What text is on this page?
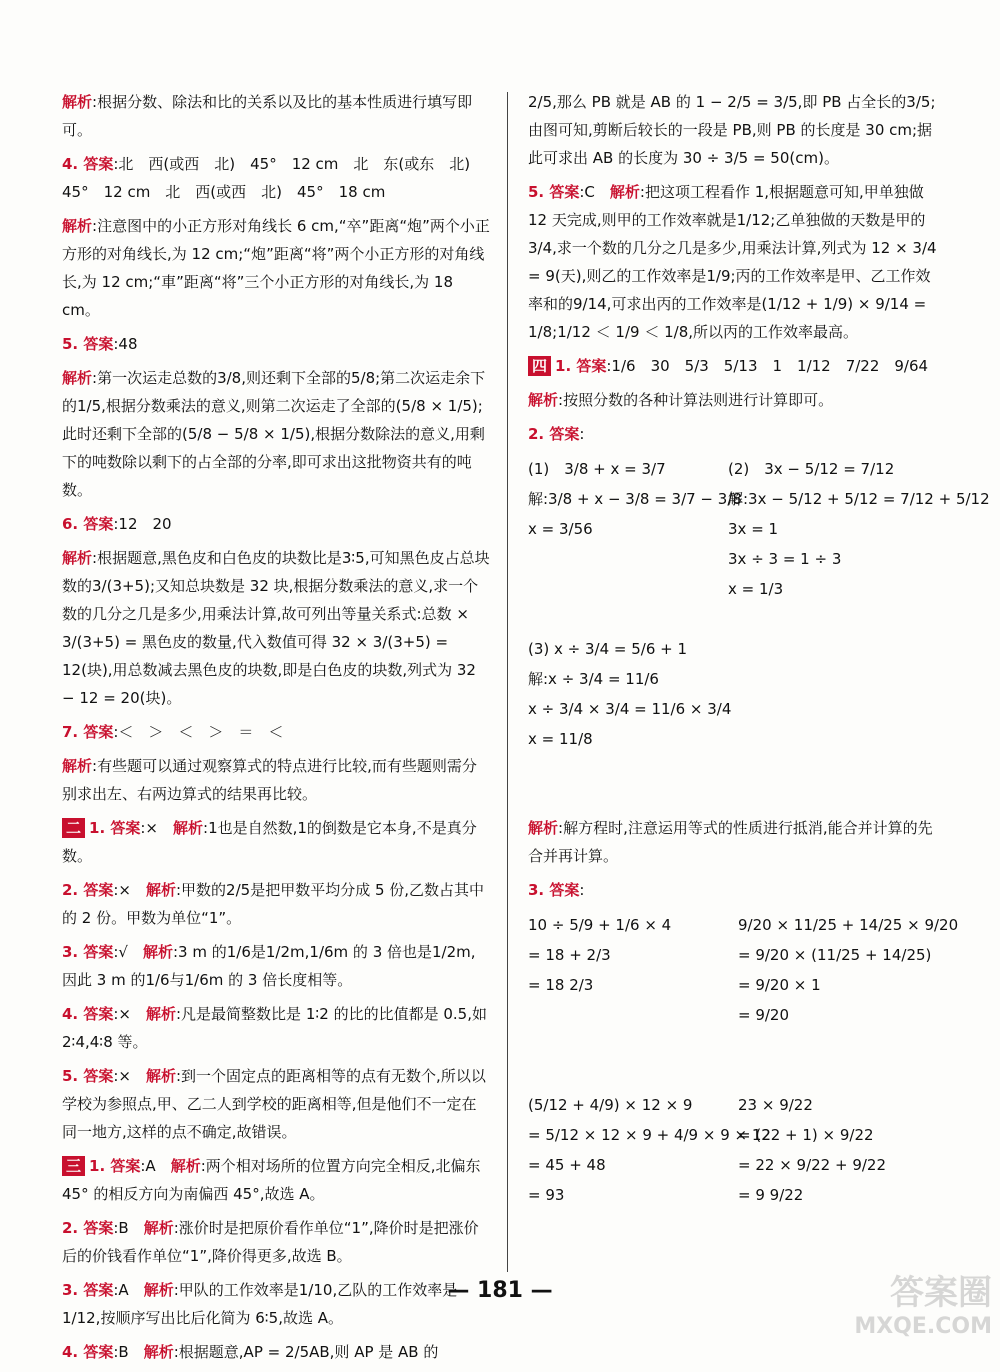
解析:根据分数、除法和比的关系以及比的基本性质进行填写即可。
4. 答案:北　西(或西　北)　45°　12 cm　北　东(或东　北)　45°　12 cm　北　西(或西　北)　45°　18 cm
解析:注意图中的小正方形对角线长 6 cm,“卒”距离“炮”两个小正方形的对角线长,为 12 cm;“炮”距离“将”两个小正方形的对角线长,为 12 cm;“車”距离“将”三个小正方形的对角线长,为 18 cm。
5. 答案:48
解析:第一次运走总数的3/8,则还剩下全部的5/8;第二次运走余下的1/5,根据分数乘法的意义,则第二次运走了全部的(5/8 × 1/5);此时还剩下全部的(5/8 − 5/8 × 1/5),根据分数除法的意义,用剩下的吨数除以剩下的占全部的分率,即可求出这批物资共有的吨数。
6. 答案:12　20
解析:根据题意,黑色皮和白色皮的块数比是3∶5,可知黑色皮占总块数的3/(3+5);又知总块数是 32 块,根据分数乘法的意义,求一个数的几分之几是多少,用乘法计算,故可列出等量关系式:总数 × 3/(3+5) = 黑色皮的数量,代入数值可得 32 × 3/(3+5) = 12(块),用总数减去黑色皮的块数,即是白色皮的块数,列式为 32 − 12 = 20(块)。
7. 答案:＜　＞　＜　＞　＝　＜
解析:有些题可以通过观察算式的特点进行比较,而有些题则需分别求出左、右两边算式的结果再比较。
二 1. 答案:×　解析:1也是自然数,1的倒数是它本身,不是真分数。
2. 答案:×　解析:甲数的2/5是把甲数平均分成 5 份,乙数占其中的 2 份。甲数为单位“1”。
3. 答案:√　解析:3 m 的1/6是1/2m,1/6m 的 3 倍也是1/2m,因此 3 m 的1/6与1/6m 的 3 倍长度相等。
4. 答案:×　解析:凡是最简整数比是 1∶2 的比的比值都是 0.5,如 2∶4,4∶8 等。
5. 答案:×　解析:到一个固定点的距离相等的点有无数个,所以以学校为参照点,甲、乙二人到学校的距离相等,但是他们不一定在同一地方,这样的点不确定,故错误。
三 1. 答案:A　解析:两个相对场所的位置方向完全相反,北偏东 45° 的相反方向为南偏西 45°,故选 A。
2. 答案:B　解析:涨价时是把原价看作单位“1”,降价时是把涨价后的价钱看作单位“1”,降价得更多,故选 B。
3. 答案:A　解析:甲队的工作效率是1/10,乙队的工作效率是1/12,按顺序写出比后化简为 6∶5,故选 A。
4. 答案:B　解析:根据题意,AP = 2/5AB,则 AP 是 AB 的
2/5,那么 PB 就是 AB 的 1 − 2/5 = 3/5,即 PB 占全长的3/5;由图可知,剪断后较长的一段是 PB,则 PB 的长度是 30 cm;据此可求出 AB 的长度为 30 ÷ 3/5 = 50(cm)。
5. 答案:C　解析:把这项工程看作 1,根据题意可知,甲单独做 12 天完成,则甲的工作效率就是1/12;乙单独做的天数是甲的3/4,求一个数的几分之几是多少,用乘法计算,列式为 12 × 3/4 = 9(天),则乙的工作效率是1/9;丙的工作效率是甲、乙工作效率和的9/14,可求出丙的工作效率是(1/12 + 1/9) × 9/14 = 1/8;1/12 ＜ 1/9 ＜ 1/8,所以丙的工作效率最高。
四 1. 答案:1/6　30　5/3　5/13　1　1/12　7/22　9/64
解析:按照分数的各种计算法则进行计算即可。
2. 答案:
(1)　3/8 + x = 3/7
解:3/8 + x − 3/8 = 3/7 − 3/8
x = 3/56
(2)　3x − 5/12 = 7/12
解:3x − 5/12 + 5/12 = 7/12 + 5/12
3x = 1
3x ÷ 3 = 1 ÷ 3
x = 1/3
(3) x ÷ 3/4 = 5/6 + 1
解:x ÷ 3/4 = 11/6
x ÷ 3/4 × 3/4 = 11/6 × 3/4
x = 11/8
解析:解方程时,注意运用等式的性质进行抵消,能合并计算的先合并再计算。
3. 答案:
10 ÷ 5/9 + 1/6 × 4
= 18 + 2/3
= 18 2/3
9/20 × 11/25 + 14/25 × 9/20
= 9/20 × (11/25 + 14/25)
= 9/20 × 1
= 9/20
(5/12 + 4/9) × 12 × 9
= 5/12 × 12 × 9 + 4/9 × 9 × 12
= 45 + 48
= 93
23 × 9/22
= (22 + 1) × 9/22
= 22 × 9/22 + 9/22
= 9 9/22
— 181 —	答案圈
MXQE.COM
